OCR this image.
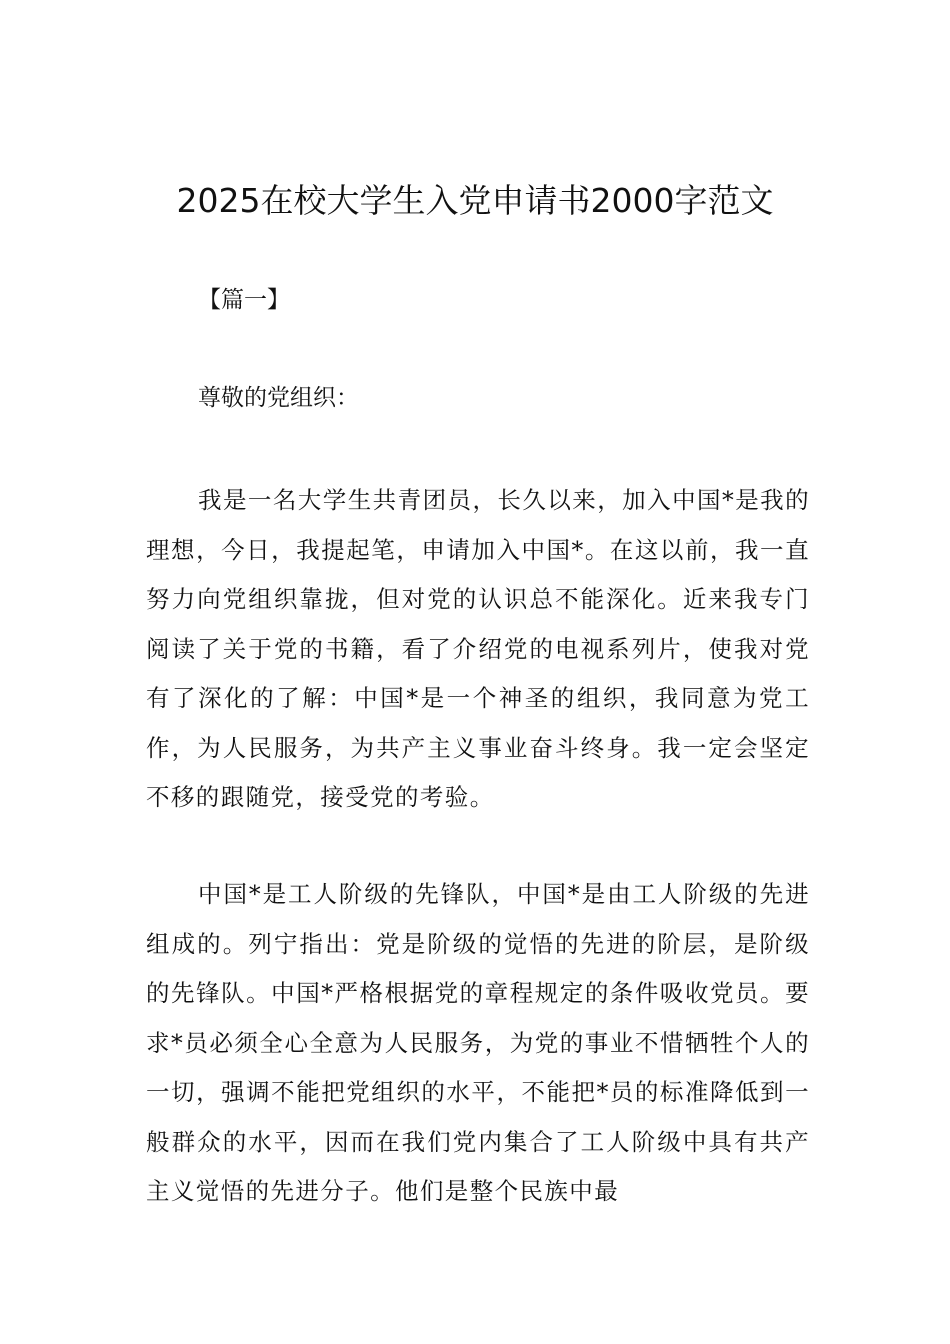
2025在校大学生入党申请书2000字范文

【篇一】

尊敬的党组织：

我是一名大学生共青团员，长久以来，加入中国*是我的理想，今日，我提起笔，申请加入中国*。在这以前，我一直努力向党组织靠拢，但对党的认识总不能深化。近来我专门阅读了关于党的书籍，看了介绍党的电视系列片，使我对党有了深化的了解：中国*是一个神圣的组织，我同意为党工作，为人民服务，为共产主义事业奋斗终身。我一定会坚定不移的跟随党，接受党的考验。

中国*是工人阶级的先锋队，中国*是由工人阶级的先进组成的。列宁指出：党是阶级的觉悟的先进的阶层，是阶级的先锋队。中国*严格根据党的章程规定的条件吸收党员。要求*员必须全心全意为人民服务，为党的事业不惜牺牲个人的一切，强调不能把党组织的水平，不能把*员的标准降低到一般群众的水平，因而在我们党内集合了工人阶级中具有共产主义觉悟的先进分子。他们是整个民族中最
